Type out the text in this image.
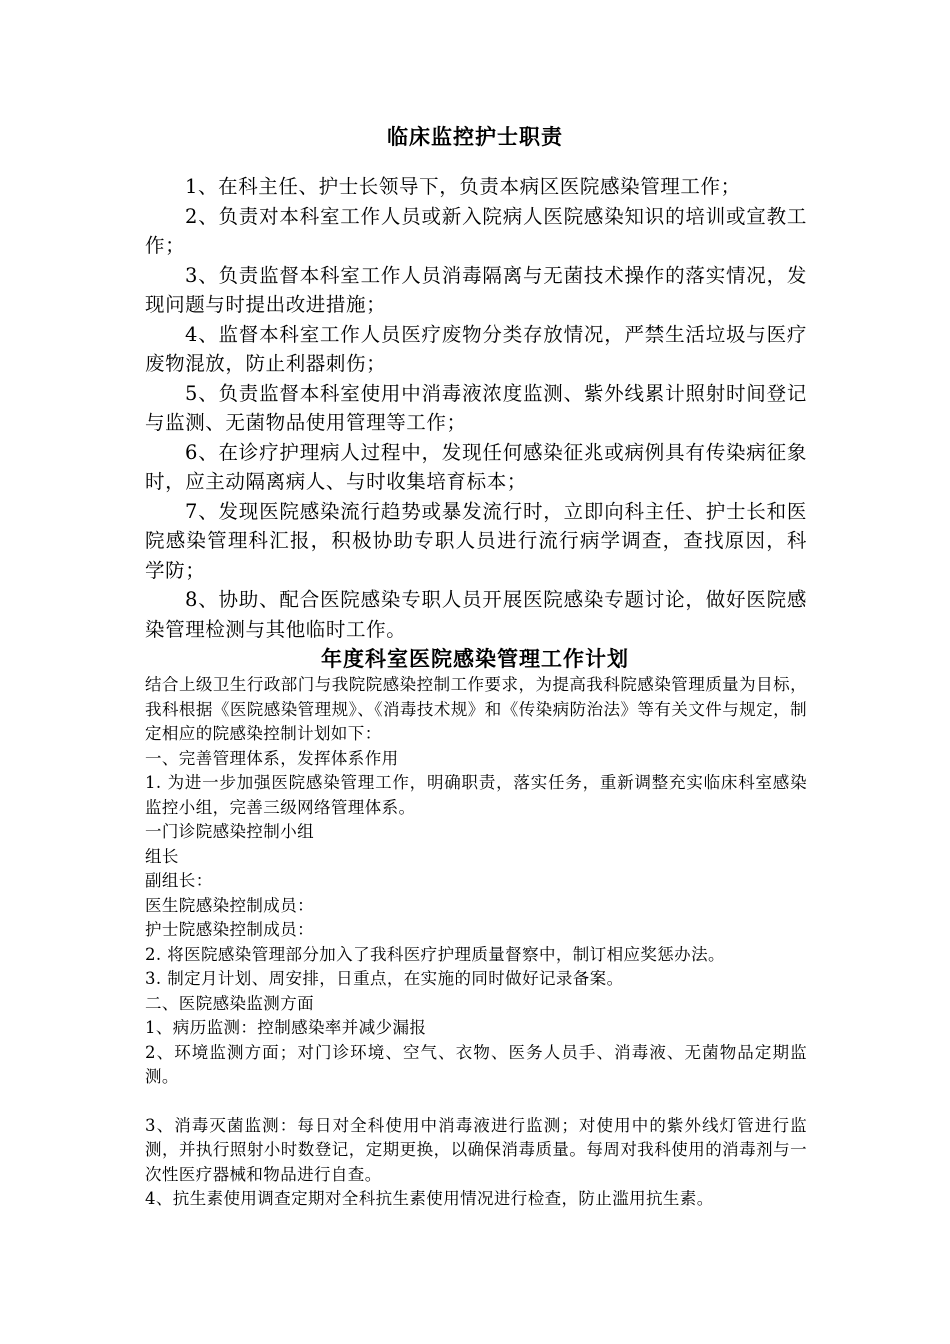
临床监控护士职责

1、在科主任、护士长领导下，负责本病区医院感染管理工作；

2、负责对本科室工作人员或新入院病人医院感染知识的培训或宣教工作；

3、负责监督本科室工作人员消毒隔离与无菌技术操作的落实情况，发现问题与时提出改进措施；

4、监督本科室工作人员医疗废物分类存放情况，严禁生活垃圾与医疗废物混放，防止利器刺伤；

5、负责监督本科室使用中消毒液浓度监测、紫外线累计照射时间登记与监测、无菌物品使用管理等工作；

6、在诊疗护理病人过程中，发现任何感染征兆或病例具有传染病征象时，应主动隔离病人、与时收集培育标本；

7、发现医院感染流行趋势或暴发流行时，立即向科主任、护士长和医院感染管理科汇报，积极协助专职人员进行流行病学调查，查找原因，科学防；

8、协助、配合医院感染专职人员开展医院感染专题讨论，做好医院感染管理检测与其他临时工作。

年度科室医院感染管理工作计划

结合上级卫生行政部门与我院院感染控制工作要求，为提高我科院感染管理质量为目标，我科根据《医院感染管理规》、《消毒技术规》和《传染病防治法》等有关文件与规定，制定相应的院感染控制计划如下：

一、完善管理体系，发挥体系作用

1. 为进一步加强医院感染管理工作，明确职责，落实任务，重新调整充实临床科室感染监控小组，完善三级网络管理体系。

一门诊院感染控制小组

组长

副组长：

医生院感染控制成员：

护士院感染控制成员：

2. 将医院感染管理部分加入了我科医疗护理质量督察中，制订相应奖惩办法。

3. 制定月计划、周安排，日重点，在实施的同时做好记录备案。

二、医院感染监测方面

1、病历监测：控制感染率并减少漏报

2、环境监测方面；对门诊环境、空气、衣物、医务人员手、消毒液、无菌物品定期监测。

3、消毒灭菌监测：每日对全科使用中消毒液进行监测；对使用中的紫外线灯管进行监测，并执行照射小时数登记，定期更换，以确保消毒质量。每周对我科使用的消毒剂与一次性医疗器械和物品进行自查。

4、抗生素使用调查定期对全科抗生素使用情况进行检查，防止滥用抗生素。
